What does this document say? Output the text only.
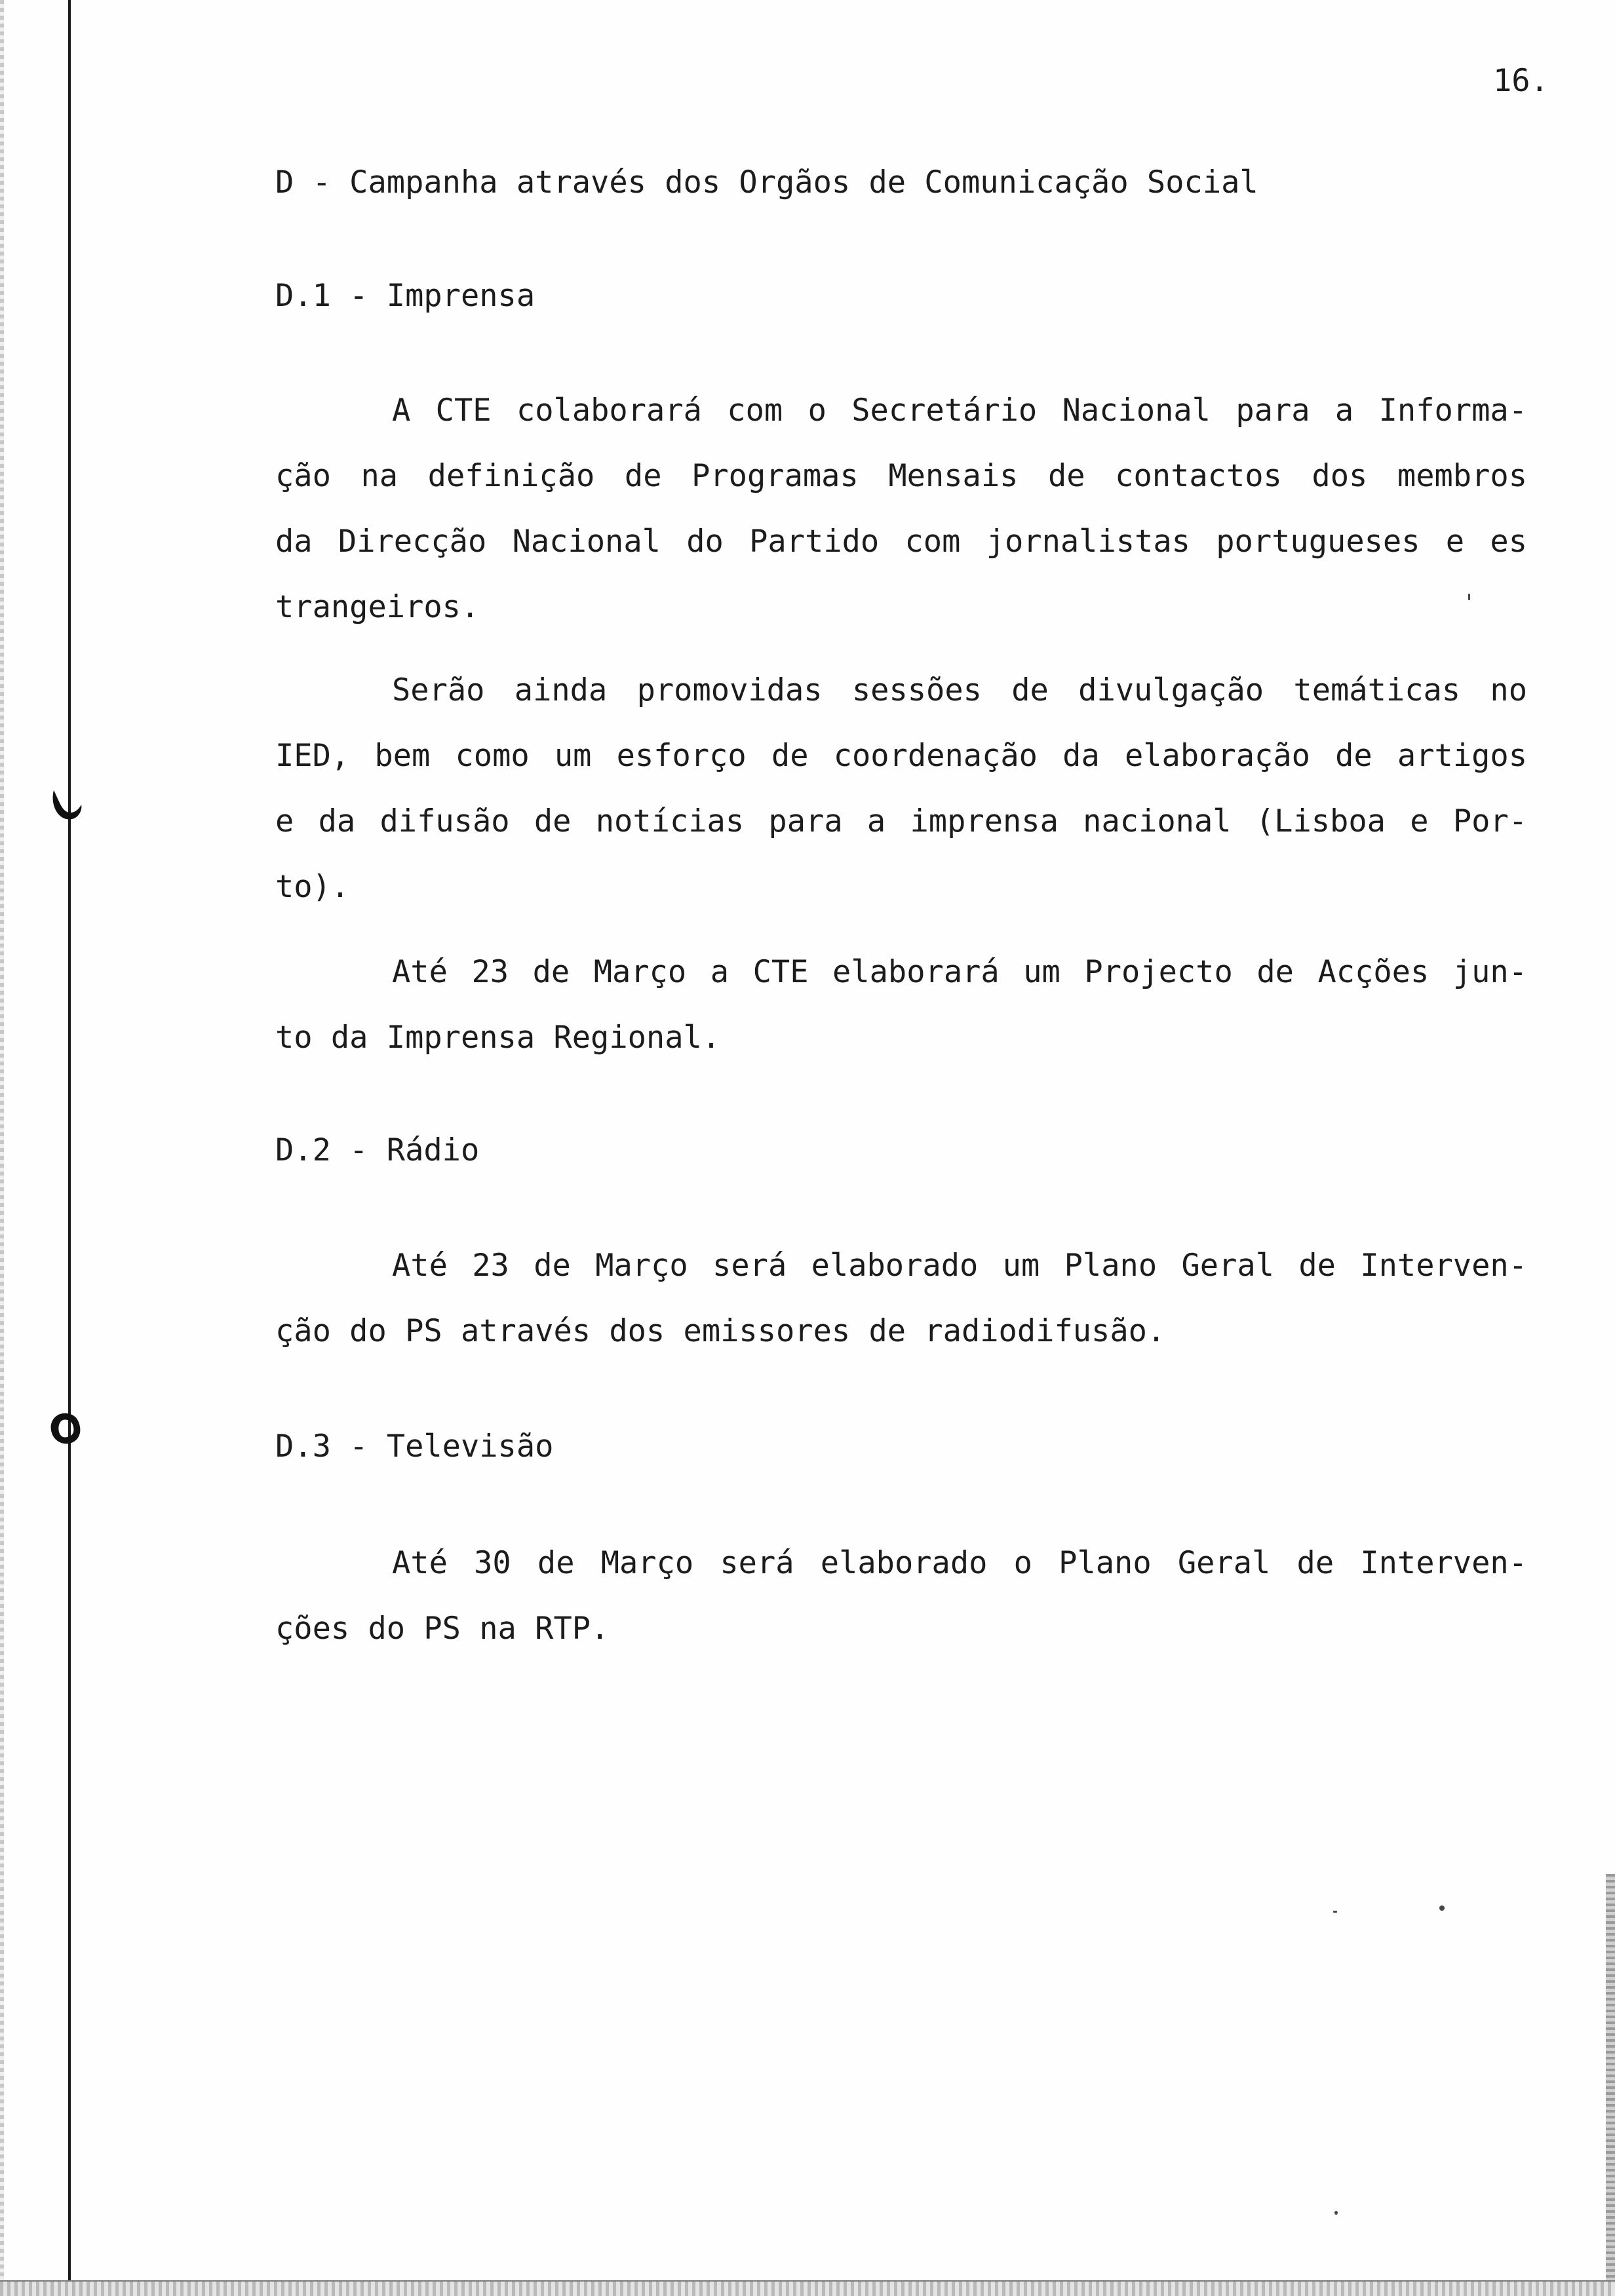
16.
D - Campanha através dos Orgãos de Comunicação Social
D.1 - Imprensa
A CTE colaborará com o Secretário Nacional para a Informa-
ção na definição de Programas Mensais de contactos dos membros
da Direcção Nacional do Partido com jornalistas portugueses e es
trangeiros.
Serão ainda promovidas sessões de divulgação temáticas no
IED, bem como um esforço de coordenação da elaboração de artigos
e da difusão de notícias para a imprensa nacional (Lisboa e Por-
to).
Até 23 de Março a CTE elaborará um Projecto de Acções jun-
to da Imprensa Regional.
D.2 - Rádio
Até 23 de Março será elaborado um Plano Geral de Interven-
ção do PS através dos emissores de radiodifusão.
D.3 - Televisão
Até 30 de Março será elaborado o Plano Geral de Interven-
ções do PS na RTP.
